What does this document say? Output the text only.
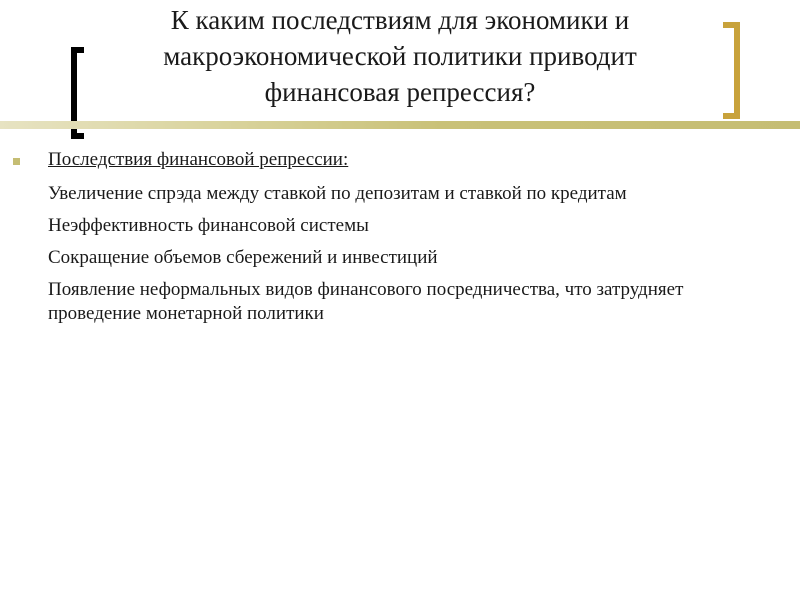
К каким последствиям для экономики и
макроэкономической политики приводит
финансовая репрессия?
Последствия финансовой репрессии:
Увеличение спрэда между ставкой по депозитам и ставкой по кредитам
Неэффективность финансовой системы
Сокращение объемов сбережений и инвестиций
Появление неформальных видов финансового посредничества, что затрудняет проведение монетарной политики
